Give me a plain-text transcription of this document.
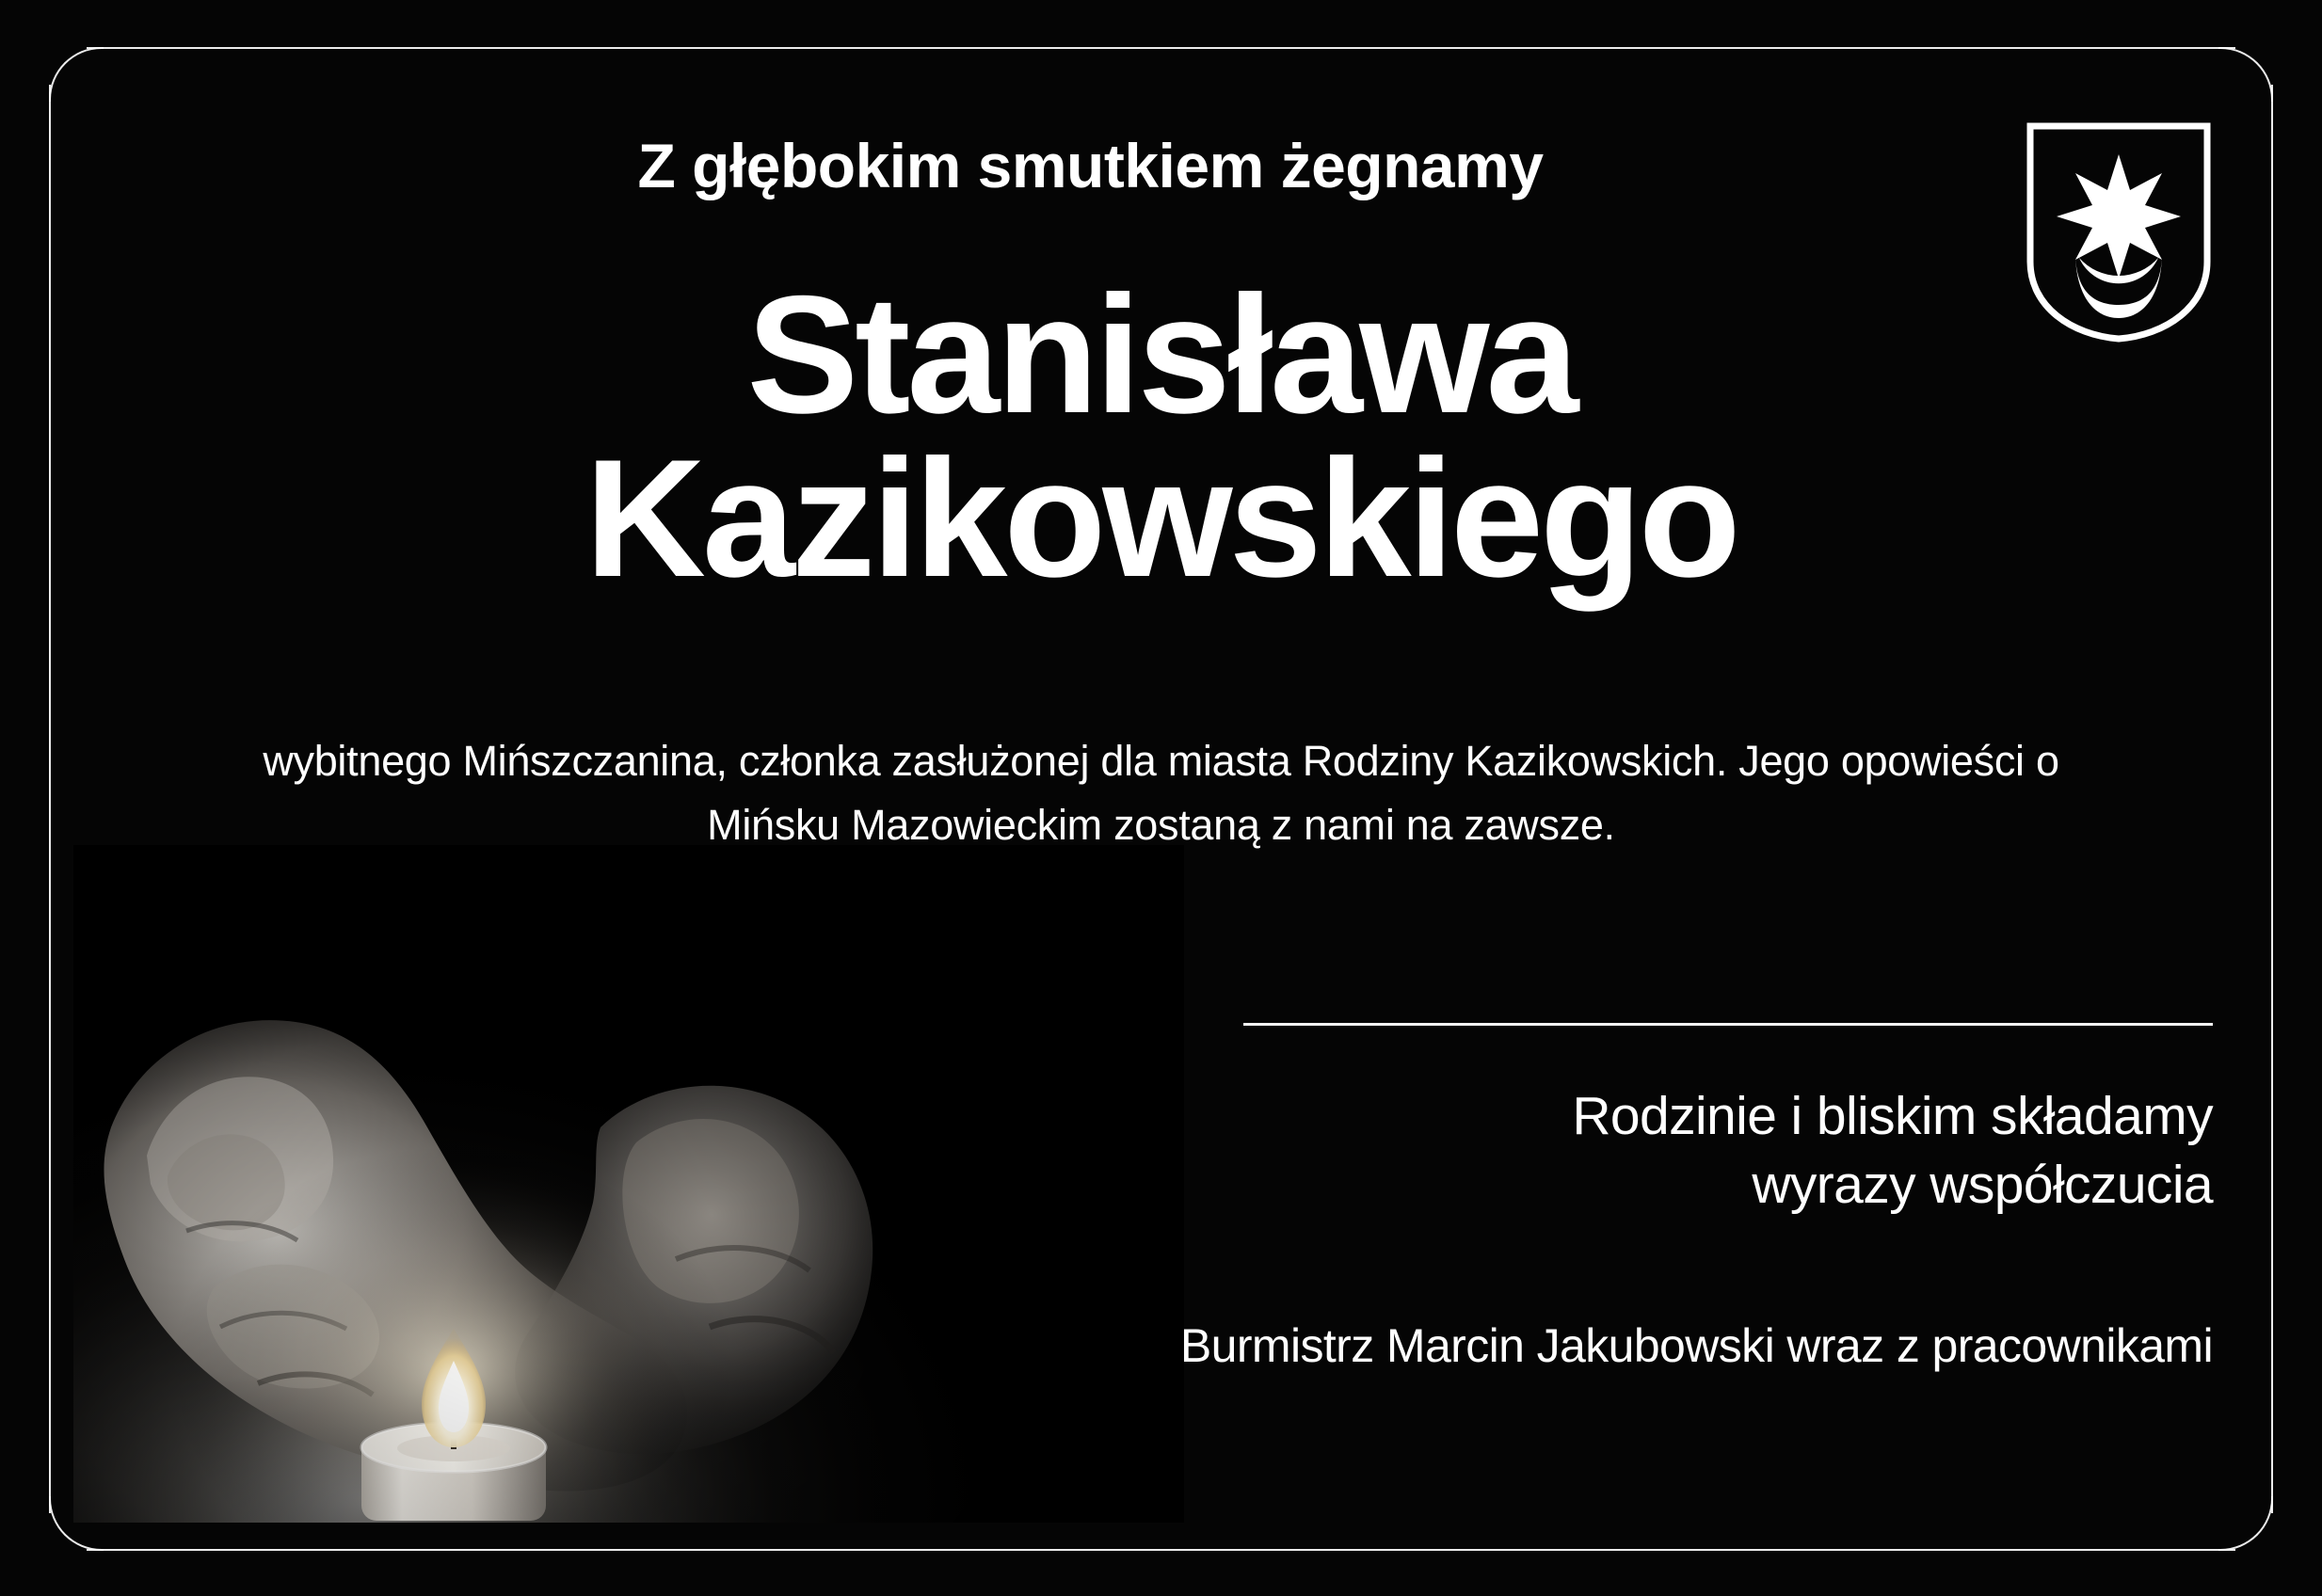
Z głębokim smutkiem żegnamy
Stanisława
Kazikowskiego
wybitnego Mińszczanina, członka zasłużonej dla miasta Rodziny Kazikowskich. Jego opowieści o Mińsku Mazowieckim zostaną z nami na zawsze.
Rodzinie i bliskim składamy
wyrazy współczucia
Burmistrz Marcin Jakubowski wraz z pracownikami
